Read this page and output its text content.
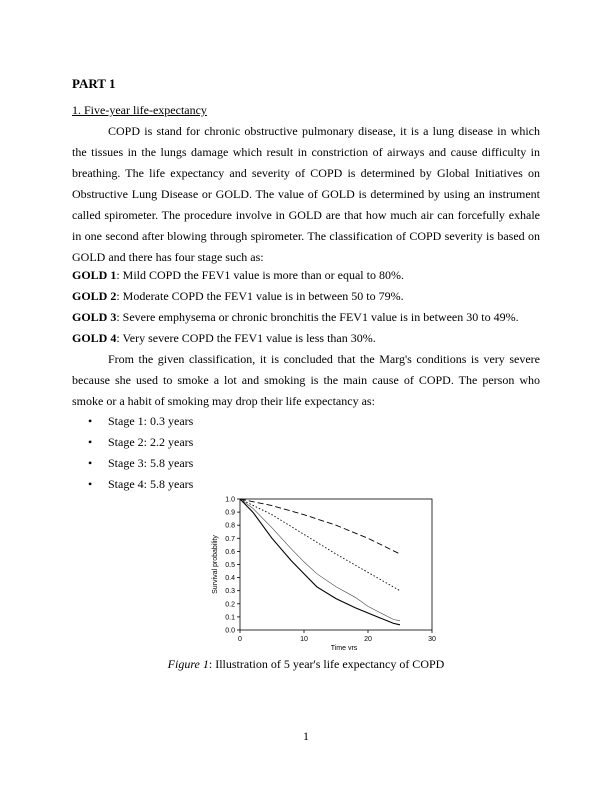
PART 1
1. Five-year life-expectancy
COPD is stand for chronic obstructive pulmonary disease, it is a lung disease in which the tissues in the lungs damage which result in constriction of airways and cause difficulty in breathing. The life expectancy and severity of COPD is determined by Global Initiatives on Obstructive Lung Disease or GOLD. The value of GOLD is determined by using an instrument called spirometer. The procedure involve in GOLD are that how much air can forcefully exhale in one second after blowing through spirometer. The classification of COPD severity is based on GOLD and there has four stage such as:
GOLD 1: Mild COPD the FEV1 value is more than or equal to 80%.
GOLD 2: Moderate COPD the FEV1 value is in between 50 to 79%.
GOLD 3: Severe emphysema or chronic bronchitis the FEV1 value is in between 30 to 49%.
GOLD 4: Very severe COPD the FEV1 value is less than 30%.
From the given classification, it is concluded that the Marg's conditions is very severe because she used to smoke a lot and smoking is the main cause of COPD. The person who smoke or a habit of smoking may drop their life expectancy as:
• Stage 1: 0.3 years
• Stage 2: 2.2 years
• Stage 3: 5.8 years
• Stage 4: 5.8 years
0.0
0.1
0.2
0.3
0.4
0.5
0.6
0.7
0.8
0.9
1.0
0	10	20	30
Time yrs
Survival probability
Figure 1: Illustration of 5 year's life expectancy of COPD
1
